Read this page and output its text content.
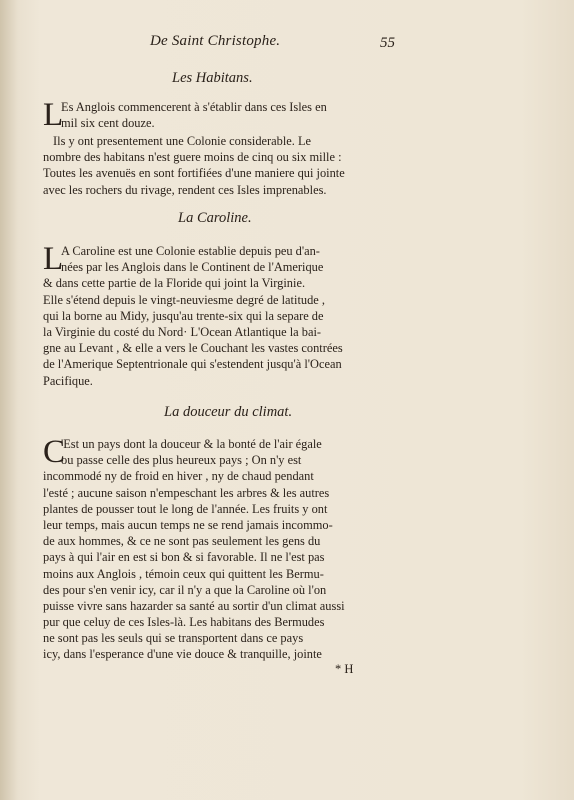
De Saint Christophe.	55
Les Habitans.
L
Es Anglois commencerent à s'établir dans ces Isles en
mil six cent douze.
Ils y ont presentement une Colonie considerable. Le
nombre des habitans n'est guere moins de cinq ou six mille :
Toutes les avenuës en sont fortifiées d'une maniere qui jointe
avec les rochers du rivage, rendent ces Isles imprenables.
La Caroline.
L
A Caroline est une Colonie establie depuis peu d'an-
nées par les Anglois dans le Continent de l'Amerique
& dans cette partie de la Floride qui joint la Virginie.
Elle s'étend depuis le vingt-neuviesme degré de latitude ,
qui la borne au Midy, jusqu'au trente-six qui la separe de
la Virginie du costé du Nord· L'Ocean Atlantique la bai-
gne au Levant , & elle a vers le Couchant les vastes contrées
de l'Amerique Septentrionale qui s'estendent jusqu'à l'Ocean
Pacifique.
La douceur du climat.
C
'Est un pays dont la douceur & la bonté de l'air égale
ou passe celle des plus heureux pays ; On n'y est
incommodé ny de froid en hiver , ny de chaud pendant
l'esté ; aucune saison n'empeschant les arbres & les autres
plantes de pousser tout le long de l'année. Les fruits y ont
leur temps, mais aucun temps ne se rend jamais incommo-
de aux hommes, & ce ne sont pas seulement les gens du
pays à qui l'air en est si bon & si favorable. Il ne l'est pas
moins aux Anglois , témoin ceux qui quittent les Bermu-
des pour s'en venir icy, car il n'y a que la Caroline où l'on
puisse vivre sans hazarder sa santé au sortir d'un climat aussi
pur que celuy de ces Isles-là. Les habitans des Bermudes
ne sont pas les seuls qui se transportent dans ce pays
icy, dans l'esperance d'une vie douce & tranquille, jointe
* H
